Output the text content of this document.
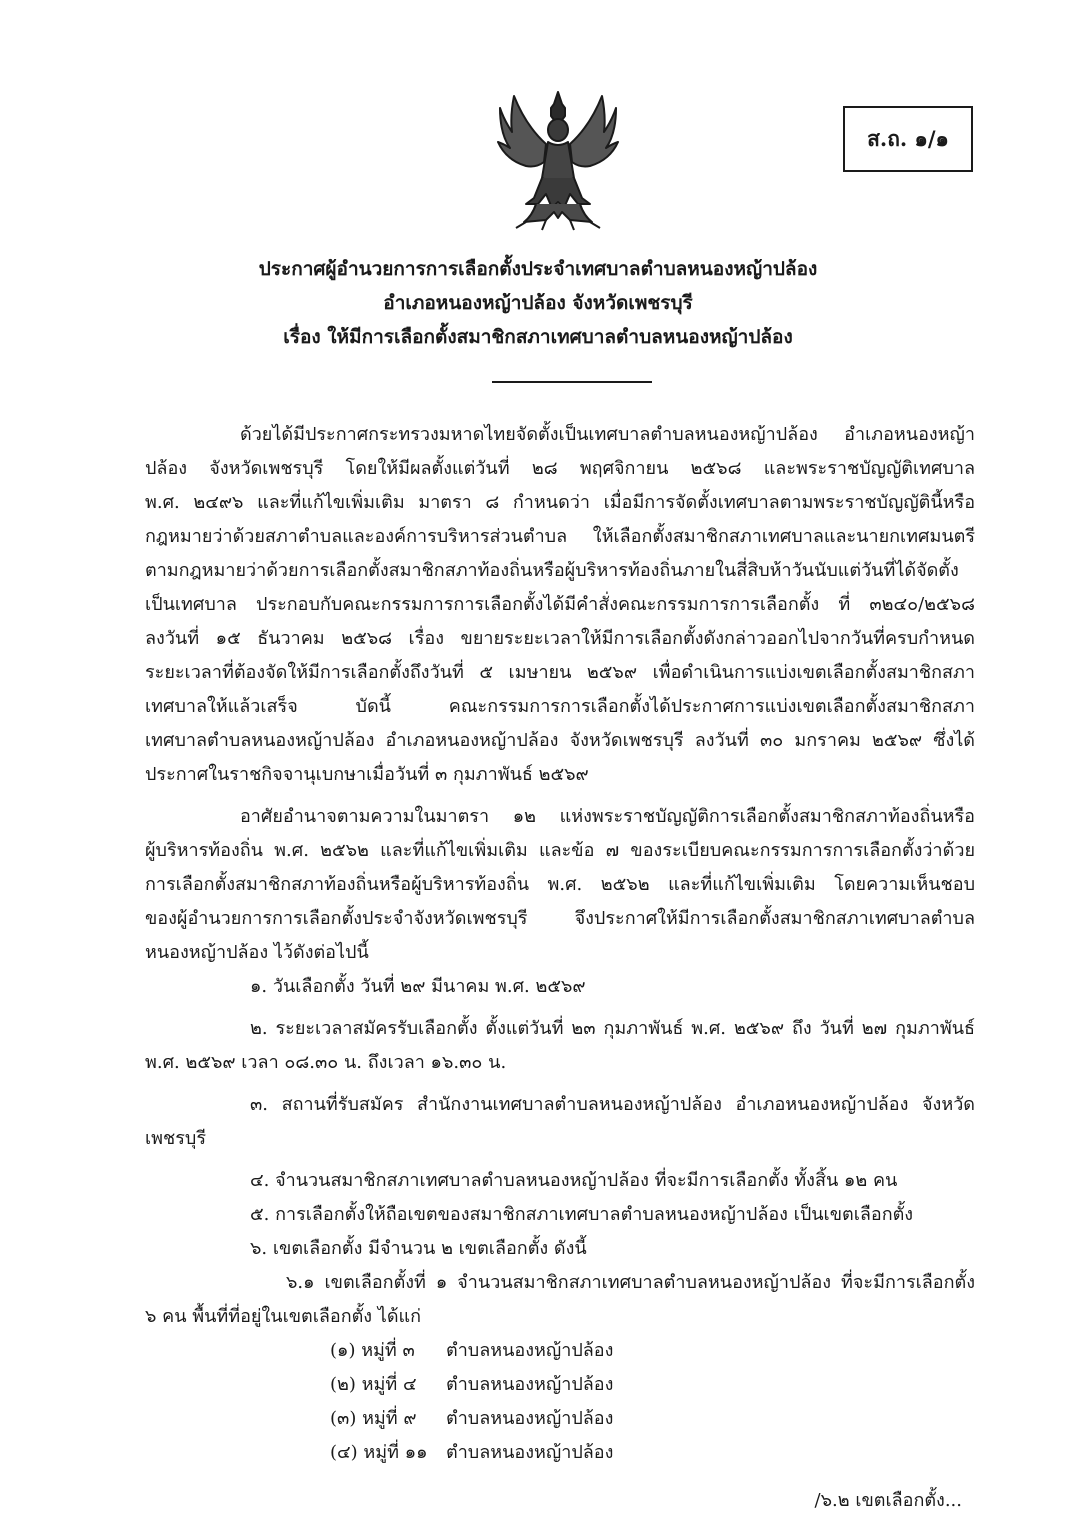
ส.ถ. ๑/๑
ประกาศผู้อำนวยการการเลือกตั้งประจำเทศบาลตำบลหนองหญ้าปล้อง
อำเภอหนองหญ้าปล้อง จังหวัดเพชรบุรี
เรื่อง ให้มีการเลือกตั้งสมาชิกสภาเทศบาลตำบลหนองหญ้าปล้อง
ด้วยได้มีประกาศกระทรวงมหาดไทยจัดตั้งเป็นเทศบาลตำบลหนองหญ้าปล้อง อำเภอหนองหญ้า
ปล้อง จังหวัดเพชรบุรี โดยให้มีผลตั้งแต่วันที่ ๒๘ พฤศจิกายน ๒๕๖๘ และพระราชบัญญัติเทศบาล
พ.ศ. ๒๔๙๖ และที่แก้ไขเพิ่มเติม มาตรา ๘ กำหนดว่า เมื่อมีการจัดตั้งเทศบาลตามพระราชบัญญัตินี้หรือ
กฎหมายว่าด้วยสภาตำบลและองค์การบริหารส่วนตำบล ให้เลือกตั้งสมาชิกสภาเทศบาลและนายกเทศมนตรี
ตามกฎหมายว่าด้วยการเลือกตั้งสมาชิกสภาท้องถิ่นหรือผู้บริหารท้องถิ่นภายในสี่สิบห้าวันนับแต่วันที่ได้จัดตั้ง
เป็นเทศบาล ประกอบกับคณะกรรมการการเลือกตั้งได้มีคำสั่งคณะกรรมการการเลือกตั้ง ที่ ๓๒๔๐/๒๕๖๘
ลงวันที่ ๑๕ ธันวาคม ๒๕๖๘ เรื่อง ขยายระยะเวลาให้มีการเลือกตั้งดังกล่าวออกไปจากวันที่ครบกำหนด
ระยะเวลาที่ต้องจัดให้มีการเลือกตั้งถึงวันที่ ๕ เมษายน ๒๕๖๙ เพื่อดำเนินการแบ่งเขตเลือกตั้งสมาชิกสภา
เทศบาลให้แล้วเสร็จ บัดนี้ คณะกรรมการการเลือกตั้งได้ประกาศการแบ่งเขตเลือกตั้งสมาชิกสภา
เทศบาลตำบลหนองหญ้าปล้อง อำเภอหนองหญ้าปล้อง จังหวัดเพชรบุรี ลงวันที่ ๓๐ มกราคม ๒๕๖๙ ซึ่งได้
ประกาศในราชกิจจานุเบกษาเมื่อวันที่ ๓ กุมภาพันธ์ ๒๕๖๙
อาศัยอำนาจตามความในมาตรา ๑๒ แห่งพระราชบัญญัติการเลือกตั้งสมาชิกสภาท้องถิ่นหรือ
ผู้บริหารท้องถิ่น พ.ศ. ๒๕๖๒ และที่แก้ไขเพิ่มเติม และข้อ ๗ ของระเบียบคณะกรรมการการเลือกตั้งว่าด้วย
การเลือกตั้งสมาชิกสภาท้องถิ่นหรือผู้บริหารท้องถิ่น พ.ศ. ๒๕๖๒ และที่แก้ไขเพิ่มเติม โดยความเห็นชอบ
ของผู้อำนวยการการเลือกตั้งประจำจังหวัดเพชรบุรี จึงประกาศให้มีการเลือกตั้งสมาชิกสภาเทศบาลตำบล
หนองหญ้าปล้อง ไว้ดังต่อไปนี้
๑. วันเลือกตั้ง วันที่ ๒๙ มีนาคม พ.ศ. ๒๕๖๙
๒. ระยะเวลาสมัครรับเลือกตั้ง ตั้งแต่วันที่ ๒๓ กุมภาพันธ์ พ.ศ. ๒๕๖๙ ถึง วันที่ ๒๗ กุมภาพันธ์
พ.ศ. ๒๕๖๙ เวลา ๐๘.๓๐ น. ถึงเวลา ๑๖.๓๐ น.
๓. สถานที่รับสมัคร สำนักงานเทศบาลตำบลหนองหญ้าปล้อง อำเภอหนองหญ้าปล้อง จังหวัด
เพชรบุรี
๔. จำนวนสมาชิกสภาเทศบาลตำบลหนองหญ้าปล้อง ที่จะมีการเลือกตั้ง ทั้งสิ้น ๑๒ คน
๕. การเลือกตั้งให้ถือเขตของสมาชิกสภาเทศบาลตำบลหนองหญ้าปล้อง เป็นเขตเลือกตั้ง
๖. เขตเลือกตั้ง มีจำนวน ๒ เขตเลือกตั้ง ดังนี้
๖.๑ เขตเลือกตั้งที่ ๑ จำนวนสมาชิกสภาเทศบาลตำบลหนองหญ้าปล้อง ที่จะมีการเลือกตั้ง
๖ คน พื้นที่ที่อยู่ในเขตเลือกตั้ง ได้แก่
(๑) หมู่ที่ ๓ ตำบลหนองหญ้าปล้อง
(๒) หมู่ที่ ๔ ตำบลหนองหญ้าปล้อง
(๓) หมู่ที่ ๙ ตำบลหนองหญ้าปล้อง
(๔) หมู่ที่ ๑๑ ตำบลหนองหญ้าปล้อง
/๖.๒ เขตเลือกตั้ง...
